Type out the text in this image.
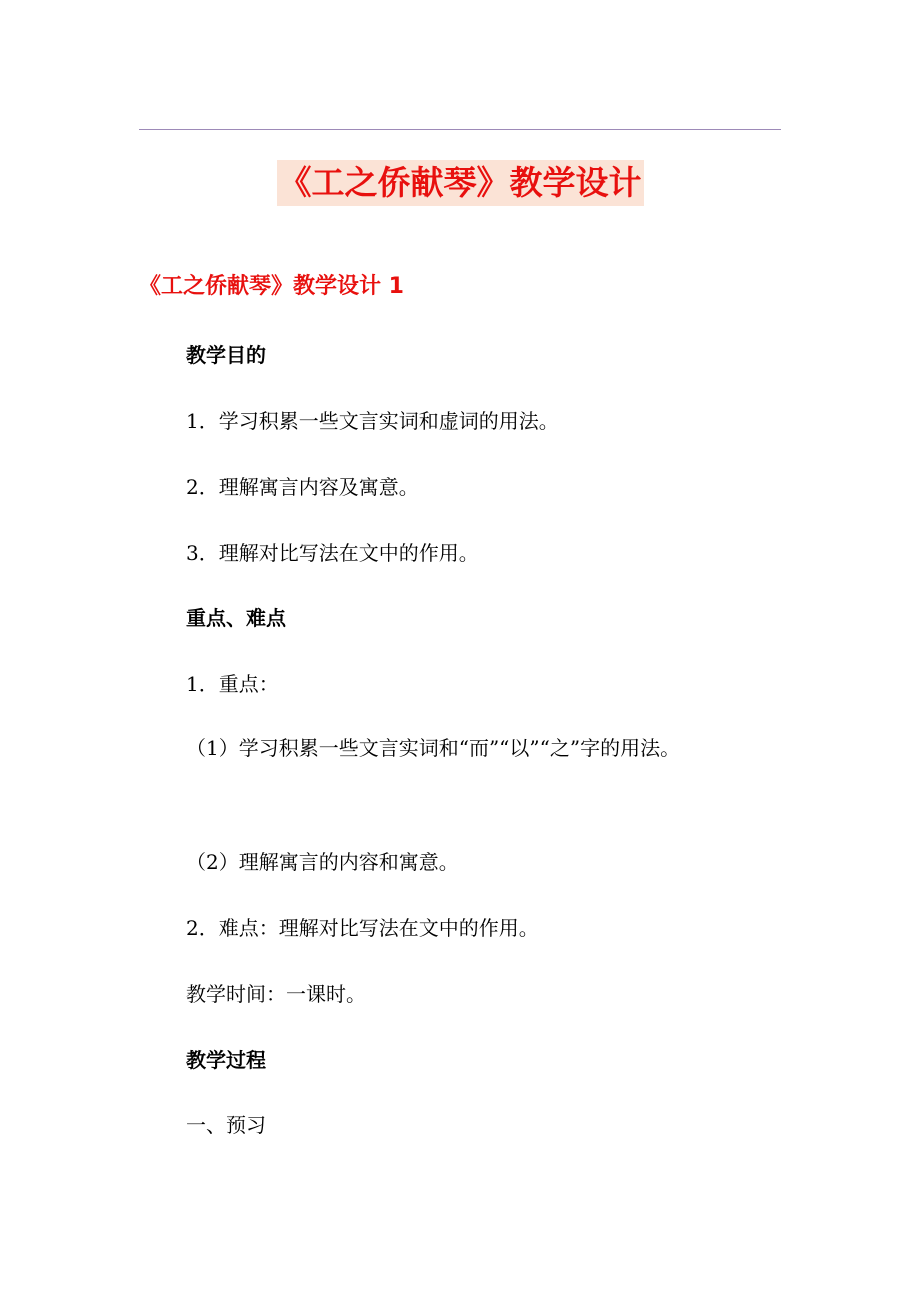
《工之侨献琴》教学设计
《工之侨献琴》教学设计 1

教学目的

1．学习积累一些文言实词和虚词的用法。

2．理解寓言内容及寓意。

3．理解对比写法在文中的作用。

重点、难点

1．重点：

（1）学习积累一些文言实词和“而”“以”“之”字的用法。

（2）理解寓言的内容和寓意。

2．难点：理解对比写法在文中的作用。

教学时间：一课时。

教学过程

一、预习
